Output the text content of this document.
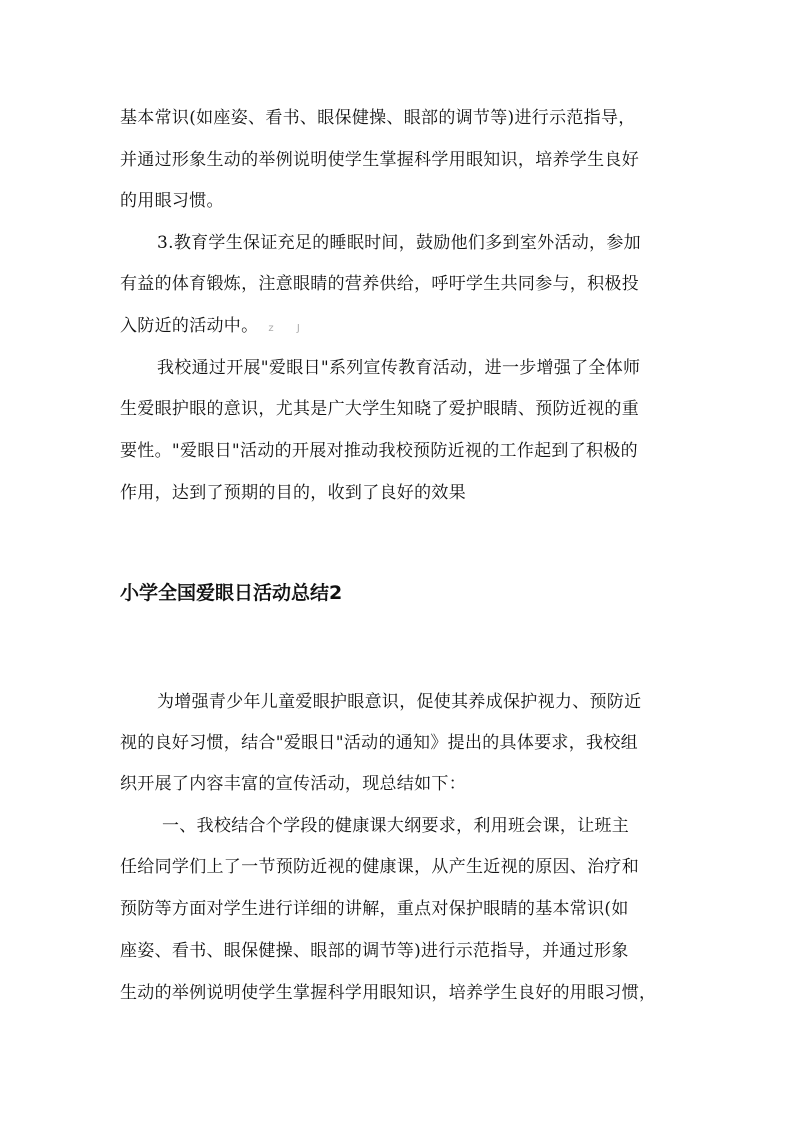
基本常识(如座姿、看书、眼保健操、眼部的调节等)进行示范指导，
并通过形象生动的举例说明使学生掌握科学用眼知识，培养学生良好
的用眼习惯。
3.教育学生保证充足的睡眠时间，鼓励他们多到室外活动，参加
有益的体育锻炼，注意眼睛的营养供给，呼吁学生共同参与，积极投
入防近的活动中。 z J
我校通过开展"爱眼日"系列宣传教育活动，进一步增强了全体师
生爱眼护眼的意识，尤其是广大学生知晓了爱护眼睛、预防近视的重
要性。"爱眼日"活动的开展对推动我校预防近视的工作起到了积极的
作用，达到了预期的目的，收到了良好的效果
小学全国爱眼日活动总结2
为增强青少年儿童爱眼护眼意识，促使其养成保护视力、预防近
视的良好习惯，结合"爱眼日"活动的通知》提出的具体要求，我校组
织开展了内容丰富的宣传活动，现总结如下：
一、我校结合个学段的健康课大纲要求，利用班会课，让班主
任给同学们上了一节预防近视的健康课，从产生近视的原因、治疗和
预防等方面对学生进行详细的讲解，重点对保护眼睛的基本常识(如
座姿、看书、眼保健操、眼部的调节等)进行示范指导，并通过形象
生动的举例说明使学生掌握科学用眼知识，培养学生良好的用眼习惯，
